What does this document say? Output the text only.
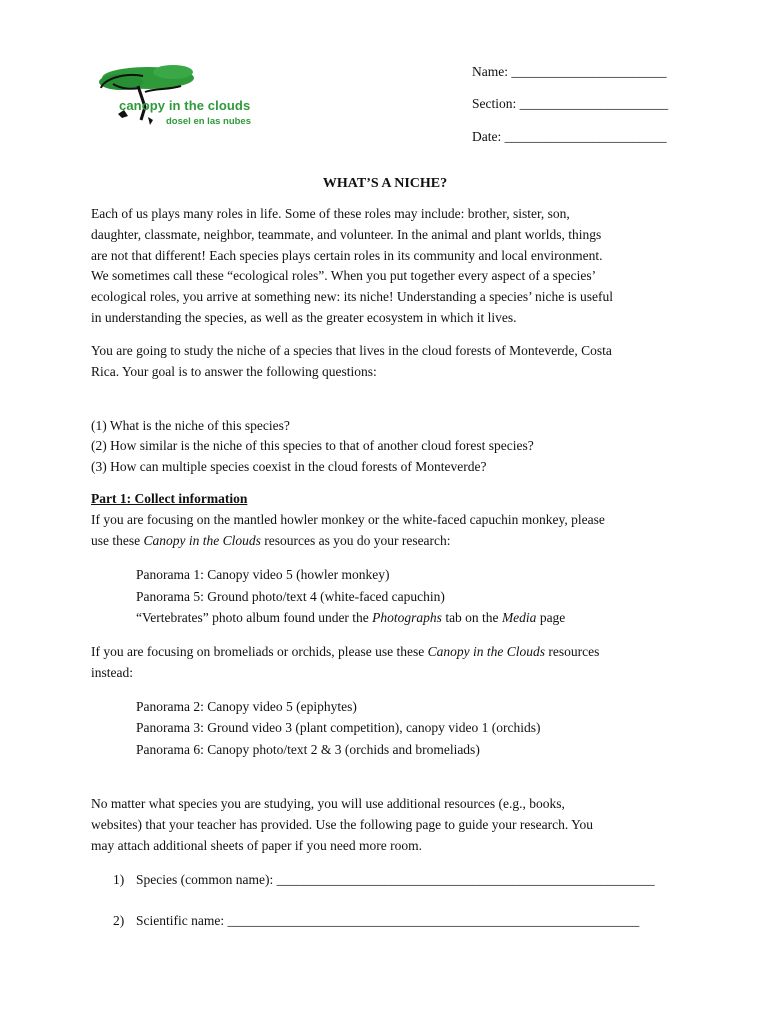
canopy in the clouds
dosel en las nubes
Name: _______________________
Section: ______________________
Date: ________________________
WHAT’S A NICHE?
Each of us plays many roles in life. Some of these roles may include: brother, sister, son,
daughter, classmate, neighbor, teammate, and volunteer. In the animal and plant worlds, things
are not that different! Each species plays certain roles in its community and local environment.
We sometimes call these “ecological roles”. When you put together every aspect of a species’
ecological roles, you arrive at something new: its niche! Understanding a species’ niche is useful
in understanding the species, as well as the greater ecosystem in which it lives.
You are going to study the niche of a species that lives in the cloud forests of Monteverde, Costa
Rica. Your goal is to answer the following questions:
(1) What is the niche of this species?
(2) How similar is the niche of this species to that of another cloud forest species?
(3) How can multiple species coexist in the cloud forests of Monteverde?
Part 1: Collect information
If you are focusing on the mantled howler monkey or the white-faced capuchin monkey, please
use these Canopy in the Clouds resources as you do your research:
Panorama 1: Canopy video 5 (howler monkey)
Panorama 5: Ground photo/text 4 (white-faced capuchin)
“Vertebrates” photo album found under the Photographs tab on the Media page
If you are focusing on bromeliads or orchids, please use these Canopy in the Clouds resources
instead:
Panorama 2: Canopy video 5 (epiphytes)
Panorama 3: Ground video 3 (plant competition), canopy video 1 (orchids)
Panorama 6: Canopy photo/text 2 & 3 (orchids and bromeliads)
No matter what species you are studying, you will use additional resources (e.g., books,
websites) that your teacher has provided. Use the following page to guide your research. You
may attach additional sheets of paper if you need more room.
1) Species (common name): ________________________________________________________
2) Scientific name: _____________________________________________________________
